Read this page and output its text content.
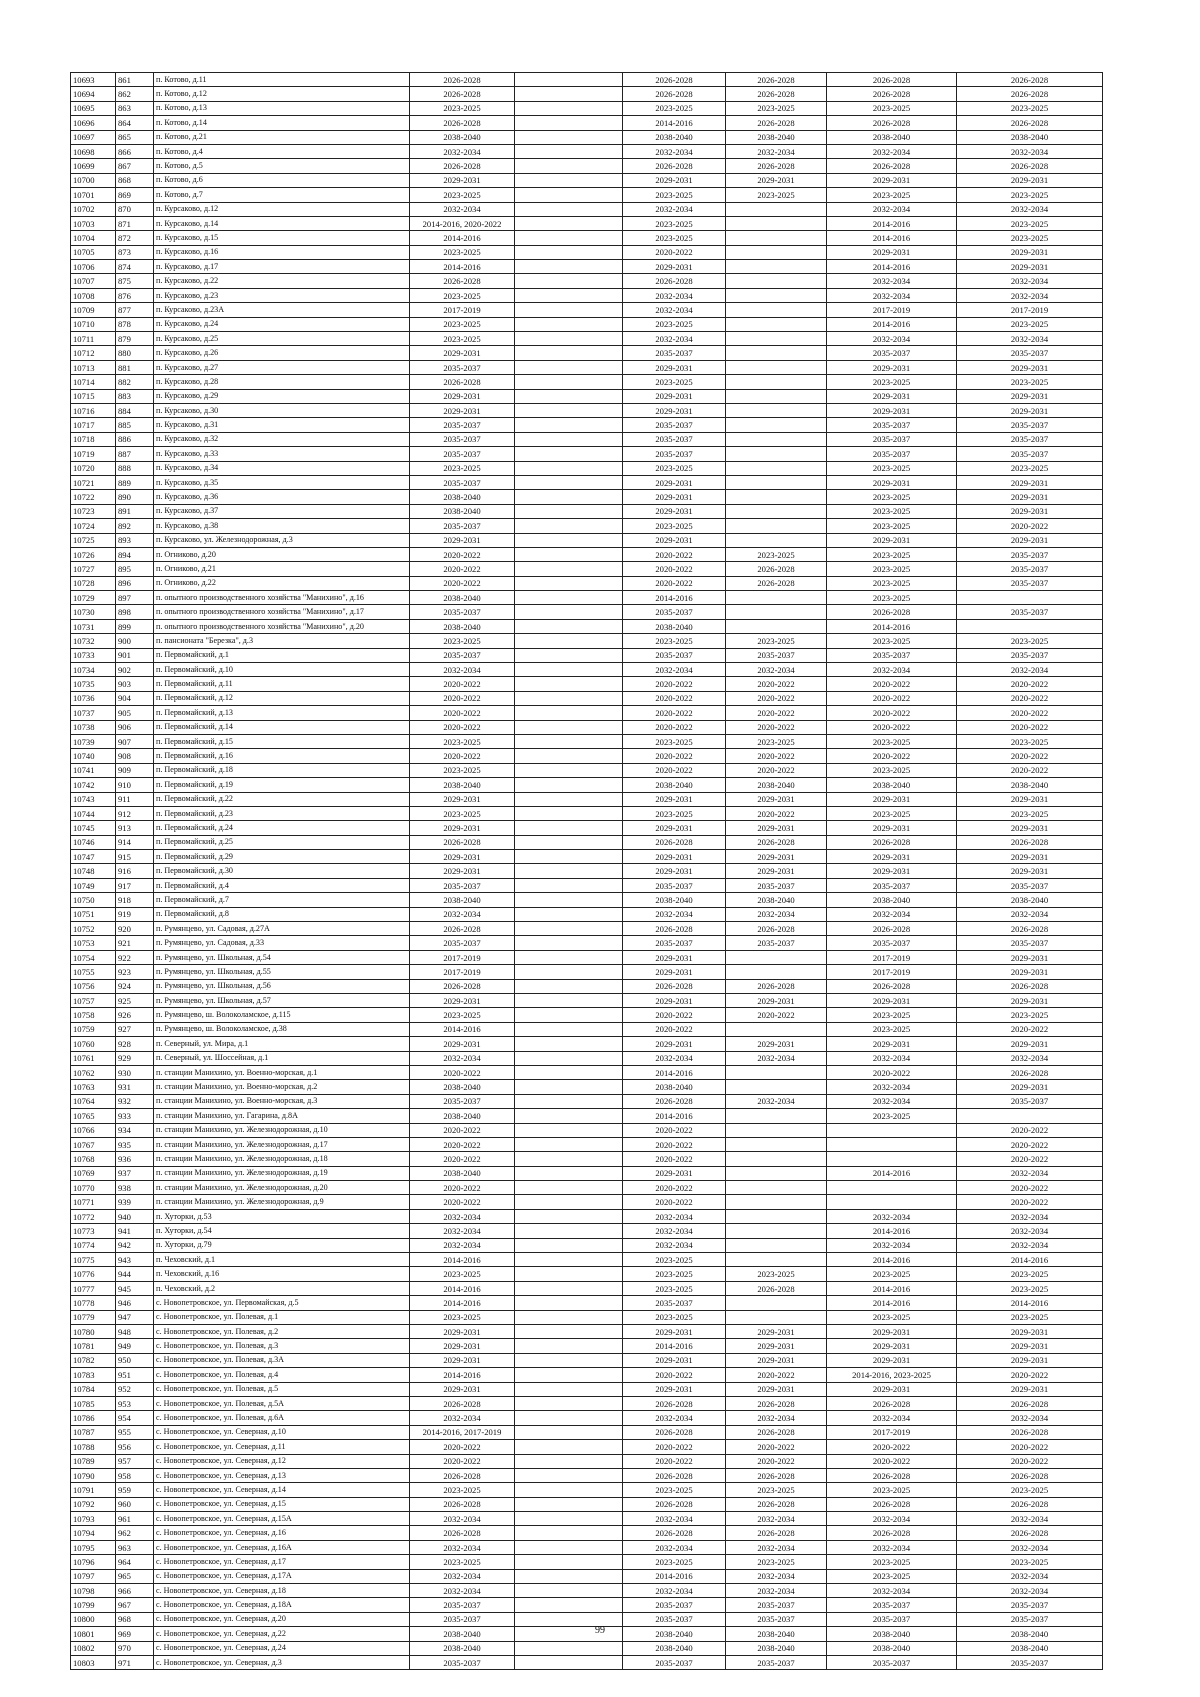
10693	861	п. Котово, д.11	2026-2028		2026-2028	2026-2028	2026-2028	2026-2028
10694	862	п. Котово, д.12	2026-2028		2026-2028	2026-2028	2026-2028	2026-2028
10695	863	п. Котово, д.13	2023-2025		2023-2025	2023-2025	2023-2025	2023-2025
10696	864	п. Котово, д.14	2026-2028		2014-2016	2026-2028	2026-2028	2026-2028
10697	865	п. Котово, д.21	2038-2040		2038-2040	2038-2040	2038-2040	2038-2040
10698	866	п. Котово, д.4	2032-2034		2032-2034	2032-2034	2032-2034	2032-2034
10699	867	п. Котово, д.5	2026-2028		2026-2028	2026-2028	2026-2028	2026-2028
10700	868	п. Котово, д.6	2029-2031		2029-2031	2029-2031	2029-2031	2029-2031
10701	869	п. Котово, д.7	2023-2025		2023-2025	2023-2025	2023-2025	2023-2025
10702	870	п. Курсаково, д.12	2032-2034		2032-2034		2032-2034	2032-2034
10703	871	п. Курсаково, д.14	2014-2016, 2020-2022		2023-2025		2014-2016	2023-2025
10704	872	п. Курсаково, д.15	2014-2016		2023-2025		2014-2016	2023-2025
10705	873	п. Курсаково, д.16	2023-2025		2020-2022		2029-2031	2029-2031
10706	874	п. Курсаково, д.17	2014-2016		2029-2031		2014-2016	2029-2031
10707	875	п. Курсаково, д.22	2026-2028		2026-2028		2032-2034	2032-2034
10708	876	п. Курсаково, д.23	2023-2025		2032-2034		2032-2034	2032-2034
10709	877	п. Курсаково, д.23А	2017-2019		2032-2034		2017-2019	2017-2019
10710	878	п. Курсаково, д.24	2023-2025		2023-2025		2014-2016	2023-2025
10711	879	п. Курсаково, д.25	2023-2025		2032-2034		2032-2034	2032-2034
10712	880	п. Курсаково, д.26	2029-2031		2035-2037		2035-2037	2035-2037
10713	881	п. Курсаково, д.27	2035-2037		2029-2031		2029-2031	2029-2031
10714	882	п. Курсаково, д.28	2026-2028		2023-2025		2023-2025	2023-2025
10715	883	п. Курсаково, д.29	2029-2031		2029-2031		2029-2031	2029-2031
10716	884	п. Курсаково, д.30	2029-2031		2029-2031		2029-2031	2029-2031
10717	885	п. Курсаково, д.31	2035-2037		2035-2037		2035-2037	2035-2037
10718	886	п. Курсаково, д.32	2035-2037		2035-2037		2035-2037	2035-2037
10719	887	п. Курсаково, д.33	2035-2037		2035-2037		2035-2037	2035-2037
10720	888	п. Курсаково, д.34	2023-2025		2023-2025		2023-2025	2023-2025
10721	889	п. Курсаково, д.35	2035-2037		2029-2031		2029-2031	2029-2031
10722	890	п. Курсаково, д.36	2038-2040		2029-2031		2023-2025	2029-2031
10723	891	п. Курсаково, д.37	2038-2040		2029-2031		2023-2025	2029-2031
10724	892	п. Курсаково, д.38	2035-2037		2023-2025		2023-2025	2020-2022
10725	893	п. Курсаково, ул. Железнодорожная, д.3	2029-2031		2029-2031		2029-2031	2029-2031
10726	894	п. Огниково, д.20	2020-2022		2020-2022	2023-2025	2023-2025	2035-2037
10727	895	п. Огниково, д.21	2020-2022		2020-2022	2026-2028	2023-2025	2035-2037
10728	896	п. Огниково, д.22	2020-2022		2020-2022	2026-2028	2023-2025	2035-2037
10729	897	п. опытного производственного хозяйства "Манихино", д.16	2038-2040		2014-2016		2023-2025	
10730	898	п. опытного производственного хозяйства "Манихино", д.17	2035-2037		2035-2037		2026-2028	2035-2037
10731	899	п. опытного производственного хозяйства "Манихино", д.20	2038-2040		2038-2040		2014-2016	
10732	900	п. пансионата "Березка", д.3	2023-2025		2023-2025	2023-2025	2023-2025	2023-2025
10733	901	п. Первомайский, д.1	2035-2037		2035-2037	2035-2037	2035-2037	2035-2037
10734	902	п. Первомайский, д.10	2032-2034		2032-2034	2032-2034	2032-2034	2032-2034
10735	903	п. Первомайский, д.11	2020-2022		2020-2022	2020-2022	2020-2022	2020-2022
10736	904	п. Первомайский, д.12	2020-2022		2020-2022	2020-2022	2020-2022	2020-2022
10737	905	п. Первомайский, д.13	2020-2022		2020-2022	2020-2022	2020-2022	2020-2022
10738	906	п. Первомайский, д.14	2020-2022		2020-2022	2020-2022	2020-2022	2020-2022
10739	907	п. Первомайский, д.15	2023-2025		2023-2025	2023-2025	2023-2025	2023-2025
10740	908	п. Первомайский, д.16	2020-2022		2020-2022	2020-2022	2020-2022	2020-2022
10741	909	п. Первомайский, д.18	2023-2025		2020-2022	2020-2022	2023-2025	2020-2022
10742	910	п. Первомайский, д.19	2038-2040		2038-2040	2038-2040	2038-2040	2038-2040
10743	911	п. Первомайский, д.22	2029-2031		2029-2031	2029-2031	2029-2031	2029-2031
10744	912	п. Первомайский, д.23	2023-2025		2023-2025	2020-2022	2023-2025	2023-2025
10745	913	п. Первомайский, д.24	2029-2031		2029-2031	2029-2031	2029-2031	2029-2031
10746	914	п. Первомайский, д.25	2026-2028		2026-2028	2026-2028	2026-2028	2026-2028
10747	915	п. Первомайский, д.29	2029-2031		2029-2031	2029-2031	2029-2031	2029-2031
10748	916	п. Первомайский, д.30	2029-2031		2029-2031	2029-2031	2029-2031	2029-2031
10749	917	п. Первомайский, д.4	2035-2037		2035-2037	2035-2037	2035-2037	2035-2037
10750	918	п. Первомайский, д.7	2038-2040		2038-2040	2038-2040	2038-2040	2038-2040
10751	919	п. Первомайский, д.8	2032-2034		2032-2034	2032-2034	2032-2034	2032-2034
10752	920	п. Румянцево, ул. Садовая, д.27А	2026-2028		2026-2028	2026-2028	2026-2028	2026-2028
10753	921	п. Румянцево, ул. Садовая, д.33	2035-2037		2035-2037	2035-2037	2035-2037	2035-2037
10754	922	п. Румянцево, ул. Школьная, д.54	2017-2019		2029-2031		2017-2019	2029-2031
10755	923	п. Румянцево, ул. Школьная, д.55	2017-2019		2029-2031		2017-2019	2029-2031
10756	924	п. Румянцево, ул. Школьная, д.56	2026-2028		2026-2028	2026-2028	2026-2028	2026-2028
10757	925	п. Румянцево, ул. Школьная, д.57	2029-2031		2029-2031	2029-2031	2029-2031	2029-2031
10758	926	п. Румянцево, ш. Волоколамское, д.115	2023-2025		2020-2022	2020-2022	2023-2025	2023-2025
10759	927	п. Румянцево, ш. Волоколамское, д.38	2014-2016		2020-2022		2023-2025	2020-2022
10760	928	п. Северный, ул. Мира, д.1	2029-2031		2029-2031	2029-2031	2029-2031	2029-2031
10761	929	п. Северный, ул. Шоссейная, д.1	2032-2034		2032-2034	2032-2034	2032-2034	2032-2034
10762	930	п. станции Манихино, ул. Военно-морская, д.1	2020-2022		2014-2016		2020-2022	2026-2028
10763	931	п. станции Манихино, ул. Военно-морская, д.2	2038-2040		2038-2040		2032-2034	2029-2031
10764	932	п. станции Манихино, ул. Военно-морская, д.3	2035-2037		2026-2028	2032-2034	2032-2034	2035-2037
10765	933	п. станции Манихино, ул. Гагарина, д.8А	2038-2040		2014-2016		2023-2025	
10766	934	п. станции Манихино, ул. Железнодорожная, д.10	2020-2022		2020-2022			2020-2022
10767	935	п. станции Манихино, ул. Железнодорожная, д.17	2020-2022		2020-2022			2020-2022
10768	936	п. станции Манихино, ул. Железнодорожная, д.18	2020-2022		2020-2022			2020-2022
10769	937	п. станции Манихино, ул. Железнодорожная, д.19	2038-2040		2029-2031		2014-2016	2032-2034
10770	938	п. станции Манихино, ул. Железнодорожная, д.20	2020-2022		2020-2022			2020-2022
10771	939	п. станции Манихино, ул. Железнодорожная, д.9	2020-2022		2020-2022			2020-2022
10772	940	п. Хуторки, д.53	2032-2034		2032-2034		2032-2034	2032-2034
10773	941	п. Хуторки, д.54	2032-2034		2032-2034		2014-2016	2032-2034
10774	942	п. Хуторки, д.79	2032-2034		2032-2034		2032-2034	2032-2034
10775	943	п. Чеховский, д.1	2014-2016		2023-2025		2014-2016	2014-2016
10776	944	п. Чеховский, д.16	2023-2025		2023-2025	2023-2025	2023-2025	2023-2025
10777	945	п. Чеховский, д.2	2014-2016		2023-2025	2026-2028	2014-2016	2023-2025
10778	946	с. Новопетровское, ул. Первомайская, д.5	2014-2016		2035-2037		2014-2016	2014-2016
10779	947	с. Новопетровское, ул. Полевая, д.1	2023-2025		2023-2025		2023-2025	2023-2025
10780	948	с. Новопетровское, ул. Полевая, д.2	2029-2031		2029-2031	2029-2031	2029-2031	2029-2031
10781	949	с. Новопетровское, ул. Полевая, д.3	2029-2031		2014-2016	2029-2031	2029-2031	2029-2031
10782	950	с. Новопетровское, ул. Полевая, д.3А	2029-2031		2029-2031	2029-2031	2029-2031	2029-2031
10783	951	с. Новопетровское, ул. Полевая, д.4	2014-2016		2020-2022	2020-2022	2014-2016, 2023-2025	2020-2022
10784	952	с. Новопетровское, ул. Полевая, д.5	2029-2031		2029-2031	2029-2031	2029-2031	2029-2031
10785	953	с. Новопетровское, ул. Полевая, д.5А	2026-2028		2026-2028	2026-2028	2026-2028	2026-2028
10786	954	с. Новопетровское, ул. Полевая, д.6А	2032-2034		2032-2034	2032-2034	2032-2034	2032-2034
10787	955	с. Новопетровское, ул. Северная, д.10	2014-2016, 2017-2019		2026-2028	2026-2028	2017-2019	2026-2028
10788	956	с. Новопетровское, ул. Северная, д.11	2020-2022		2020-2022	2020-2022	2020-2022	2020-2022
10789	957	с. Новопетровское, ул. Северная, д.12	2020-2022		2020-2022	2020-2022	2020-2022	2020-2022
10790	958	с. Новопетровское, ул. Северная, д.13	2026-2028		2026-2028	2026-2028	2026-2028	2026-2028
10791	959	с. Новопетровское, ул. Северная, д.14	2023-2025		2023-2025	2023-2025	2023-2025	2023-2025
10792	960	с. Новопетровское, ул. Северная, д.15	2026-2028		2026-2028	2026-2028	2026-2028	2026-2028
10793	961	с. Новопетровское, ул. Северная, д.15А	2032-2034		2032-2034	2032-2034	2032-2034	2032-2034
10794	962	с. Новопетровское, ул. Северная, д.16	2026-2028		2026-2028	2026-2028	2026-2028	2026-2028
10795	963	с. Новопетровское, ул. Северная, д.16А	2032-2034		2032-2034	2032-2034	2032-2034	2032-2034
10796	964	с. Новопетровское, ул. Северная, д.17	2023-2025		2023-2025	2023-2025	2023-2025	2023-2025
10797	965	с. Новопетровское, ул. Северная, д.17А	2032-2034		2014-2016	2032-2034	2023-2025	2032-2034
10798	966	с. Новопетровское, ул. Северная, д.18	2032-2034		2032-2034	2032-2034	2032-2034	2032-2034
10799	967	с. Новопетровское, ул. Северная, д.18А	2035-2037		2035-2037	2035-2037	2035-2037	2035-2037
10800	968	с. Новопетровское, ул. Северная, д.20	2035-2037		2035-2037	2035-2037	2035-2037	2035-2037
10801	969	с. Новопетровское, ул. Северная, д.22	2038-2040		2038-2040	2038-2040	2038-2040	2038-2040
10802	970	с. Новопетровское, ул. Северная, д.24	2038-2040		2038-2040	2038-2040	2038-2040	2038-2040
10803	971	с. Новопетровское, ул. Северная, д.3	2035-2037		2035-2037	2035-2037	2035-2037	2035-2037
99
